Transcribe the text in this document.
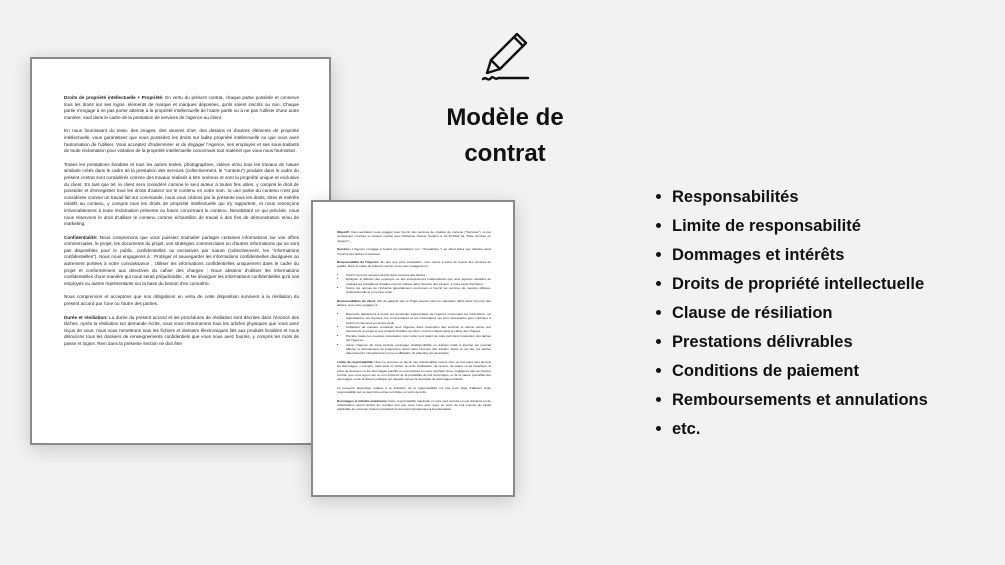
Droits de propriété intellectuelle + Propriété: En vertu du présent contrat, chaque partie possède et conserve tous les droits sur ses logos, éléments de marque et marques déposées, qu'ils soient inscrits ou non. Chaque partie s'engage à ne pas porter atteinte à la propriété intellectuelle de l'autre partie ou à ne pas l'utiliser d'une autre manière, sauf dans le cadre de la prestation de services de l'agence au client.

En nous fournissant du texte, des images, des œuvres d'art, des dessins et d'autres éléments de propriété intellectuelle, vous garantissez que vous possédez les droits sur ladite propriété intellectuelle ou que vous avez l'autorisation de l'utiliser. Vous acceptez d'indemniser et de dégager l'Agence, ses employés et ses sous-traitants de toute réclamation pour violation de la propriété intellectuelle concernant tout matériel que vous nous fournissez.

Toutes les prestations livrables et tous les autres textes, photographies, vidéos et/ou tous les travaux de nature similaire créés dans le cadre de la prestation des services (collectivement, le "contenu") produits dans le cadre du présent contrat sont considérés comme des travaux réalisés à titre onéreux et sont la propriété unique et exclusive du client. En tant que tel, le client sera considéré comme le seul auteur à toutes fins utiles, y compris le droit de posséder et d'enregistrer tous les droits d'auteur sur le contenu en votre nom. Si une partie du contenu n'est pas considérée comme un travail fait sur commande, nous vous cédons par la présente tous les droits, titres et intérêts relatifs au contenu, y compris tous les droits de propriété intellectuelle qui s'y rapportent, et nous renonçons irrévocablement à toute réclamation présente ou future concernant le contenu. Nonobstant ce qui précède, nous nous réservons le droit d'utiliser le contenu comme échantillon de travail à des fins de démonstration et/ou de marketing.

Confidentialité: Nous comprenons que vous puissiez souhaiter partager certaines informations sur vos offres commerciales, le projet, les documents du projet, vos stratégies commerciales ou d'autres informations qui ne sont pas disponibles pour le public, confidentielles ou exclusives par nature (collectivement, les "informations confidentielles"). Nous nous engageons à : Protéger et sauvegarder les informations confidentielles divulguées ou autrement portées à notre connaissance ; Utiliser les informations confidentielles uniquement dans le cadre du projet et conformément aux directives du cahier des charges ; Nous abstenir d'utiliser les informations confidentielles d'une manière qui nous serait préjudiciable ; et Ne divulguer les informations confidentielles qu'à nos employés ou autres représentants sur la base du besoin d'en connaître.

Nous comprenons et acceptons que nos obligations en vertu de cette disposition survivent à la résiliation du présent accord par l'une ou l'autre des parties.

Durée et résiliation: La durée du présent accord et les procédures de résiliation sont décrites dans l'énoncé des tâches. Après la résiliation sur demande écrite, nous vous retournerons tous les articles physiques que vous avez reçus de vous, nous vous remettrons tous les fichiers et dossiers électroniques liés aux produits livrables et nous détruirons tous les dossiers de renseignements confidentiels que vous nous avez fournis, y compris les mots de passe et logins. Rien dans la présente section ne doit être

Objectif: Vous souhaitez nous engager pour fournir des services de création de contenu ("Services"), et par conséquent conclure le présent contrat avec Marianne Nusser Soriano le 01.10.2022 (la "Date d'entrée en vigueur").

Services: L'Agence s'engage à fournir les prestations (ou " Prestations ") au client telles que décrites dans l'énoncé des tâches ci-dessous.

Responsabilité de l'Agence: En tant que votre prestataire, nous avons à cœur de fournir des services de qualité. Dans le cadre du présent contrat, nous nous engageons à :

• Fournir tous les services décrits dans l'énoncé des tâches ;
• Désigner et affecter des employés ou des entrepreneurs indépendants que nous jugeons capables de produire les prestations livrables comme indiqué dans l'énoncé des travaux, à notre seule discrétion.
• Suivre les normes de l'industrie généralement reconnues et fournir les services de manière efficace, professionnelle et en temps voulu.

Responsabilités du client: Afin de garantir que le Projet avance selon le calendrier défini dans l'énoncé des tâches, vous vous engagez à :

• Répondre rapidement à toutes les demandes raisonnables de l'Agence concernant les instructions, les approbations, les licences, les commentaires et les informations qui sont nécessaires pour continuer à fournir les Services en temps voulu.
• Collaborer de manière constante avec l'Agence dans l'exécution des services et donner accès aux documents du projet et aux produits livrables du client, comme indiqué dans le cahier des charges.
• Prendre toutes les mesures nécessaires pour éviter tout retard de votre part dans l'exécution des tâches par l'Agence.
• Aviser l'Agence de toute période prolongée d'indisponibilité ou d'accès limité à internet qui pourrait affecter le déroulement du programme décrit dans l'énoncé des travaux. Dans un tel cas, les parties détermineront mutuellement si une modification du planning est nécessaire.

Limite de responsabilité: Nous ne sommes en aucun cas responsables envers vous ou tout autre tiers de tous les dommages, y compris, mais sans s'y limiter, la perte d'utilisation, de revenu, de valeur ou de bénéfices, la perte de données ou les dommages punitifs ou exemplaires ou ceux résultant d'une négligence liée au présent contrat, que nous ayons été ou non informés de la possibilité de tels dommages, et de la nature prévisible des dommages ou de la théorie juridique sur laquelle repose la demande de dommages-intérêts.

La présente disposition relative à la limitation de la responsabilité n'a pas pour objet d'affecter toute responsabilité qui ne peut être exclue ou limitée en vertu de la loi.

Dommages et intérêts maximums: Notre responsabilité maximale et votre seul recours en cas d'actions ou de réclamations seront limités au montant réel que vous nous avez payé en vertu de tout énoncé de travail applicable au cours de l'année précédant l'événement donnant lieu à la réclamation.

Modèle de
contrat
Responsabilités
Limite de responsabilité
Dommages et intérêts
Droits de propriété intellectuelle
Clause de résiliation
Prestations délivrables
Conditions de paiement
Remboursements et annulations
etc.
